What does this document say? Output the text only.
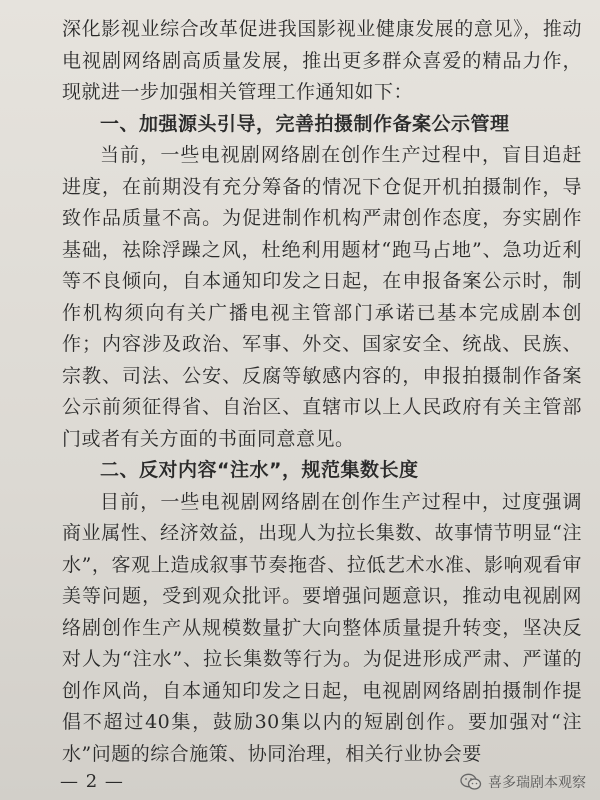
深化影视业综合改革促进我国影视业健康发展的意见》，推动电视剧网络剧高质量发展，推出更多群众喜爱的精品力作，现就进一步加强相关管理工作通知如下：

一、加强源头引导，完善拍摄制作备案公示管理

当前，一些电视剧网络剧在创作生产过程中，盲目追赶进度，在前期没有充分筹备的情况下仓促开机拍摄制作，导致作品质量不高。为促进制作机构严肃创作态度，夯实剧作基础，祛除浮躁之风，杜绝利用题材“跑马占地”、急功近利等不良倾向，自本通知印发之日起，在申报备案公示时，制作机构须向有关广播电视主管部门承诺已基本完成剧本创作；内容涉及政治、军事、外交、国家安全、统战、民族、宗教、司法、公安、反腐等敏感内容的，申报拍摄制作备案公示前须征得省、自治区、直辖市以上人民政府有关主管部门或者有关方面的书面同意意见。

二、反对内容“注水”，规范集数长度

目前，一些电视剧网络剧在创作生产过程中，过度强调商业属性、经济效益，出现人为拉长集数、故事情节明显“注水”，客观上造成叙事节奏拖沓、拉低艺术水准、影响观看审美等问题，受到观众批评。要增强问题意识，推动电视剧网络剧创作生产从规模数量扩大向整体质量提升转变，坚决反对人为“注水”、拉长集数等行为。为促进形成严肃、严谨的创作风尚，自本通知印发之日起，电视剧网络剧拍摄制作提倡不超过40集，鼓励30集以内的短剧创作。要加强对“注水”问题的综合施策、协同治理，相关行业协会要

— 2 —	喜多瑞剧本观察
